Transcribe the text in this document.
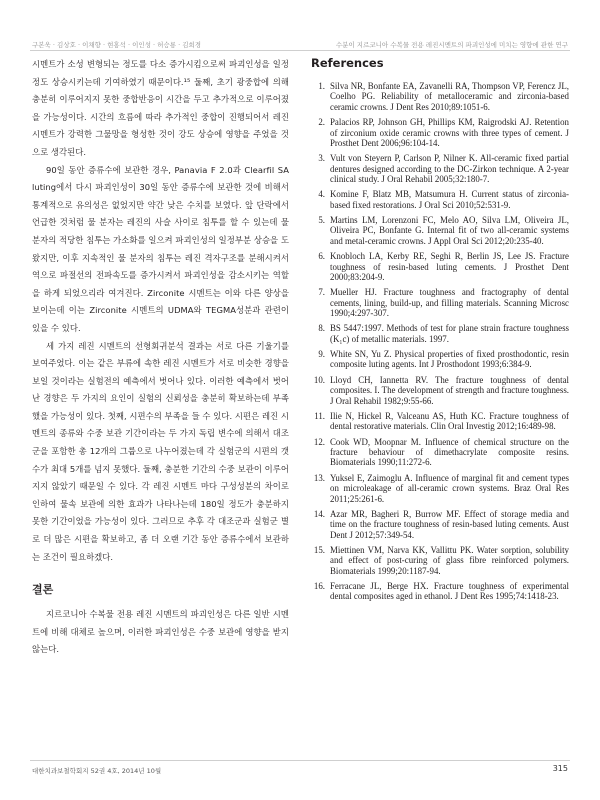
구본욱 · 김상호 · 이채향 · 현홍석 · 이인성 · 허승룡 · 김희경	수분이 지르코니아 수복물 전용 레진시멘트의 파괴인성에 미치는 영향에 관한 연구

시멘트가 소성 변형되는 정도를 다소 증가시킴으로써 파괴인성을 일정 정도 상승시키는데 기여하였기 때문이다.¹⁵ 둘째, 초기 광중합에 의해 충분히 이루어지지 못한 중합반응이 시간을 두고 추가적으로 이루어졌을 가능성이다. 시간의 흐름에 따라 추가적인 중합이 진행되어서 레진 시멘트가 강력한 그물망을 형성한 것이 강도 상승에 영향을 주었을 것으로 생각된다.

90일 동안 증류수에 보관한 경우, Panavia F 2.0과 Clearfil SA luting에서 다시 파괴인성이 30일 동안 증류수에 보관한 것에 비해서 통계적으로 유의성은 없었지만 약간 낮은 수치를 보였다. 앞 단락에서 언급한 것처럼 물 분자는 레진의 사슬 사이로 침투를 할 수 있는데 물 분자의 적당한 침투는 가소화를 일으켜 파괴인성의 일정부분 상승을 도왔지만, 이후 지속적인 물 분자의 침투는 레진 격자구조를 분해시켜서 역으로 파절선의 전파속도를 증가시켜서 파괴인성을 감소시키는 역할을 하게 되었으리라 여겨진다. Zirconite 시멘트는 이와 다른 양상을 보이는데 이는 Zirconite 시멘트의 UDMA와 TEGMA성분과 관련이 있을 수 있다.

세 가지 레진 시멘트의 선형회귀분석 결과는 서로 다른 기울기를 보여주었다. 이는 같은 부류에 속한 레진 시멘트가 서로 비슷한 경향을 보일 것이라는 실험전의 예측에서 벗어나 있다. 이러한 예측에서 벗어난 경향은 두 가지의 요인이 실험의 신뢰성을 충분히 확보하는데 부족했을 가능성이 있다. 첫째, 시편수의 부족을 들 수 있다. 시편은 레진 시멘트의 종류와 수중 보관 기간이라는 두 가지 독립 변수에 의해서 대조군을 포함한 총 12개의 그룹으로 나누어졌는데 각 실험군의 시편의 갯수가 최대 5개를 넘지 못했다. 둘째, 충분한 기간의 수중 보관이 이루어지지 않았기 때문일 수 있다. 각 레진 시멘트 마다 구성성분의 차이로 인하여 물속 보관에 의한 효과가 나타나는데 180일 정도가 충분하지 못한 기간이었을 가능성이 있다. 그러므로 추후 각 대조군과 실험군 별로 더 많은 시편을 확보하고, 좀 더 오랜 기간 동안 증류수에서 보관하는 조건이 필요하겠다.

결론

지르코니아 수복물 전용 레진 시멘트의 파괴인성은 다른 일반 시멘트에 비해 대체로 높으며, 이러한 파괴인성은 수중 보관에 영향을 받지 않는다.

References
1. Silva NR, Bonfante EA, Zavanelli RA, Thompson VP, Ferencz JL, Coelho PG. Reliability of metalloceramic and zirconia-based ceramic crowns. J Dent Res 2010;89:1051-6.
2. Palacios RP, Johnson GH, Phillips KM, Raigrodski AJ. Retention of zirconium oxide ceramic crowns with three types of cement. J Prosthet Dent 2006;96:104-14.
3. Vult von Steyern P, Carlson P, Nilner K. All-ceramic fixed partial dentures designed according to the DC-Zirkon technique. A 2-year clinical study. J Oral Rehabil 2005;32:180-7.
4. Komine F, Blatz MB, Matsumura H. Current status of zirconia-based fixed restorations. J Oral Sci 2010;52:531-9.
5. Martins LM, Lorenzoni FC, Melo AO, Silva LM, Oliveira JL, Oliveira PC, Bonfante G. Internal fit of two all-ceramic systems and metal-ceramic crowns. J Appl Oral Sci 2012;20:235-40.
6. Knobloch LA, Kerby RE, Seghi R, Berlin JS, Lee JS. Fracture toughness of resin-based luting cements. J Prosthet Dent 2000;83:204-9.
7. Mueller HJ. Fracture toughness and fractography of dental cements, lining, build-up, and filling materials. Scanning Microsc 1990;4:297-307.
8. BS 5447:1997. Methods of test for plane strain fracture toughness (K₁c) of metallic materials. 1997.
9. White SN, Yu Z. Physical properties of fixed prosthodontic, resin composite luting agents. Int J Prosthodont 1993;6:384-9.
10. Lloyd CH, Iannetta RV. The fracture toughness of dental composites. I. The development of strength and fracture toughness. J Oral Rehabil 1982;9:55-66.
11. Ilie N, Hickel R, Valceanu AS, Huth KC. Fracture toughness of dental restorative materials. Clin Oral Investig 2012;16:489-98.
12. Cook WD, Moopnar M. Influence of chemical structure on the fracture behaviour of dimethacrylate composite resins. Biomaterials 1990;11:272-6.
13. Yuksel E, Zaimoglu A. Influence of marginal fit and cement types on microleakage of all-ceramic crown systems. Braz Oral Res 2011;25:261-6.
14. Azar MR, Bagheri R, Burrow MF. Effect of storage media and time on the fracture toughness of resin-based luting cements. Aust Dent J 2012;57:349-54.
15. Miettinen VM, Narva KK, Vallittu PK. Water sorption, solubility and effect of post-curing of glass fibre reinforced polymers. Biomaterials 1999;20:1187-94.
16. Ferracane JL, Berge HX. Fracture toughness of experimental dental composites aged in ethanol. J Dent Res 1995;74:1418-23.
대한치과보철학회지 52권 4호, 2014년 10월	315
